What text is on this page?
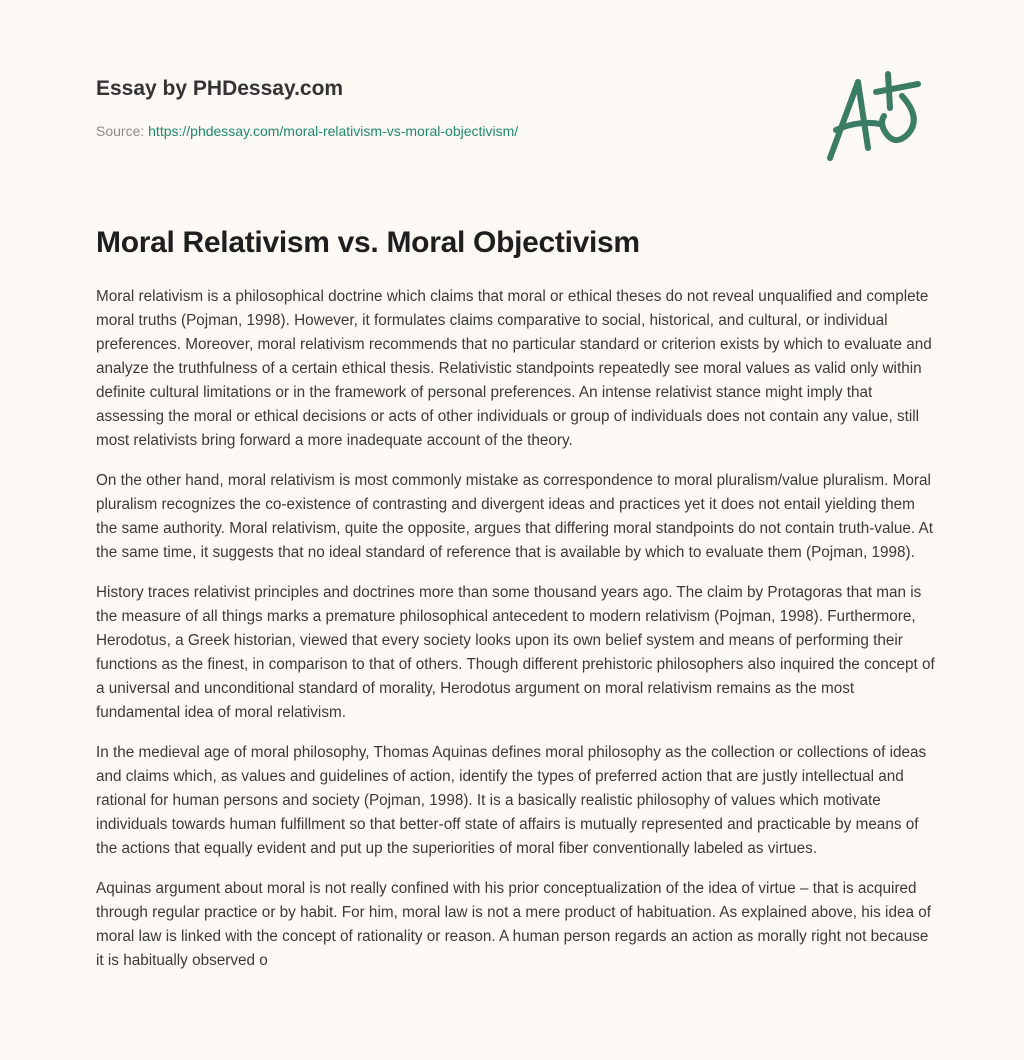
Essay by PHDessay.com
Source: https://phdessay.com/moral-relativism-vs-moral-objectivism/
Moral Relativism vs. Moral Objectivism

Moral relativism is a philosophical doctrine which claims that moral or ethical theses do not reveal unqualified and complete moral truths (Pojman, 1998). However, it formulates claims comparative to social, historical, and cultural, or individual preferences. Moreover, moral relativism recommends that no particular standard or criterion exists by which to evaluate and analyze the truthfulness of a certain ethical thesis. Relativistic standpoints repeatedly see moral values as valid only within definite cultural limitations or in the framework of personal preferences. An intense relativist stance might imply that assessing the moral or ethical decisions or acts of other individuals or group of individuals does not contain any value, still most relativists bring forward a more inadequate account of the theory.

On the other hand, moral relativism is most commonly mistake as correspondence to moral pluralism/value pluralism. Moral pluralism recognizes the co-existence of contrasting and divergent ideas and practices yet it does not entail yielding them the same authority. Moral relativism, quite the opposite, argues that differing moral standpoints do not contain truth-value. At the same time, it suggests that no ideal standard of reference that is available by which to evaluate them (Pojman, 1998).

History traces relativist principles and doctrines more than some thousand years ago. The claim by Protagoras that man is the measure of all things marks a premature philosophical antecedent to modern relativism (Pojman, 1998). Furthermore, Herodotus, a Greek historian, viewed that every society looks upon its own belief system and means of performing their functions as the finest, in comparison to that of others. Though different prehistoric philosophers also inquired the concept of a universal and unconditional standard of morality, Herodotus argument on moral relativism remains as the most fundamental idea of moral relativism.

In the medieval age of moral philosophy, Thomas Aquinas defines moral philosophy as the collection or collections of ideas and claims which, as values and guidelines of action, identify the types of preferred action that are justly intellectual and rational for human persons and society (Pojman, 1998). It is a basically realistic philosophy of values which motivate individuals towards human fulfillment so that better-off state of affairs is mutually represented and practicable by means of the actions that equally evident and put up the superiorities of moral fiber conventionally labeled as virtues.

Aquinas argument about moral is not really confined with his prior conceptualization of the idea of virtue – that is acquired through regular practice or by habit. For him, moral law is not a mere product of habituation. As explained above, his idea of moral law is linked with the concept of rationality or reason. A human person regards an action as morally right not because it is habitually observed o
